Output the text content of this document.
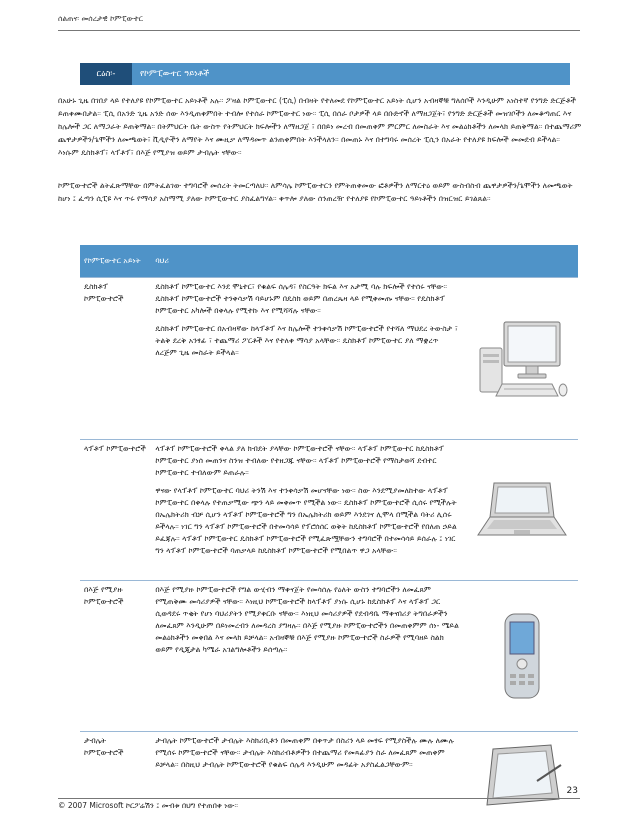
ሰልጠና፡ መሰረታዊ ኮምፒውተር
ርዕስ፡-	የኮምፒውተር ዓይነቶች

በአሁኑ ጊዜ በገበያ ላይ የተለያዩ የኮምፒውተር አይነቶች አሉ። ፖዛል ኮምፒውተር (ፒሲ) በብዛት የተለመደ የኮምፒውተር አይነት ሲሆን አብዛኞቹ ግለሰቦች እንዲሁም አነስተኛ የንግድ ድርጅቶች ይጠቀሙበታል። ፒሲ በአንድ ጊዜ አንድ ሰው እንዲጠቀምበት ተብሎ የተሰራ ኮምፒውተር ነው። ፒሲ በሰራ ቦታዎች ላይ በቡድኖች ለማዘጋጀት፣ የንግድ ድርጅቶች መዝገቦችን ለመቆጣጠር እና ከሌሎች ጋር ለማጋራት ይጠቅማል። በትምህርት ቤት ውስጥ የትምህርት ክፍሎችን ለማዘጋጀ ፣ በበይነ መረብ በመጠቀም ምርምር ለመስራት እና መልዕክቶችን ለመላክ ይጠቅማል። በተጨማሪም ጨዋታዎችን/ጌሞችን ለመጫወት፣ ቪዲዮችን ለማየት እና ሙዚቃ ለማዳመጥ ልንጠቀምበት እንችላለን። በመጠኑ እና በተግባሩ መሰረት ፒሲን በአራት የተለያዩ ክፍሎች መመደብ ይችላል። እነሱም ዴስክቶፕ፣ ላፕቶፕ፣ በእጅ የሚያዝ ወይም ታብሌት ናቸው።

ኮምፒውተሮች ልትፈጽማቸው በምትፈልገው ተግባሮች መሰረት ትመርጣለህ። ለምሳሌ ኮምፒውተርን የምትጠቀመው ፎቶዎችን ለማርተዕ ወይም ውስብስብ ጨዋታዎችን/ጌሞችን ለመጫወት ከሆነ ፤ ፈጣን ሲፒዩ እና ጥሩ የማሳያ አስማሚ ያለው ኮምፒውተር ያስፈልግሃል። ቀጥሎ ያለው ሰንጠረዥ የተለያዩ የኮምፒውተር ዓይነቶችን በዝርዝር ይገልጸል።

የኮምፒውተር አይነት	ባህሪ	
ዴስክቶፕ ኮምፒውተሮች	ዴስክቶፕ ኮምፒውተር እንደ ሞኒተር፣ የቁልፍ ሰሌዳ፣ የስርዓት ክፍል እና አታሚ ባሉ ክፍሎች የተሰሩ ናቸው። ዴስክቶፕ ኮምፒውተሮች ተንቀሳቃሽ ባይሆኑም በዴስክ ወይም በጠረጴዛ ላይ የሚቀመጡ ናቸው። የዴስክቶፕ ኮምፒውተር አካሎች በቀላሉ የሚተኩ እና የሚሻሻሉ ናቸው።

ዴስክቶፕ ኮምፒውተር በአብዛኛው ከላፕቶፕ እና ከሌሎች ተንቀሳቃሽ ኮምፒውተሮች የተሻለ ማህደረ ትውስታ ፣ ትልቅ ደረቅ አንፃፊ ፣ ተጨማሪ ፖርቶች እና የተለቀ ማሳያ አላቸው። ዴስክቶፕ ኮምፒውተር ያለ ማቋረጥ ለረጅም ጊዜ መስራት ይችላል።

ላፕቶፕ ኮምፒውተሮች	ላፕቶፕ ኮምፒውተሮች ቀላል ያለ ክብደት ያላቸው ኮምፒውተሮች ናቸው። ላፕቶፕ ኮምፒውተር ከዴስክቶፕ ኮምፒውተር ያነሰ መጠንና ስንዝ ተብለው የተዘጋጁ ናቸው። ላፕቶፕ ኮምፒውተሮች የማስታወሻ ደብተር ኮምፒውተር ተብለውም ይጠራሉ።

ዋናው የላፕቶፕ ኮምፒውተር ባህሪ ትንሽ እና ተንቀሳቃሽ መሆናቸው ነው። ስው እንደሚያመለከተው ላፕቶፕ ኮምፒውተር በቀላሉ የተጠቃሚው ጭን ላይ መቀመጥ የሚችል ነው። ዴስክቶፕ ኮምፒውተሮች ሲሰሩ የሚችሉት በኤሌክትሪክ ብቻ ሲሆን ላፕቶፕ ኮምፒውተሮች ግን በኤሌክትሪክ ወይም እንደገና ሊሞላ በሚችል ባትሪ ሊሰሩ ይችላሉ። ነገር ግን ላፕቶፕ ኮምፒውተሮች በተመሳሳይ የፕሮሰሰር ወቅት ከዴስክቶፕ ኮምፒውተሮች የበለጠ ኃይል ይፈጃሉ። ላፕቶፕ ኮምፒውተር ዴስክቶፕ ኮምፒውተሮች የሚፈጽሟቸውን ተግባሮች በተመሳሳይ ይሰራሉ ፤ ነገር ግን ላፕቶፕ ኮምፒውተሮች ባጠቃላይ ከዴስክቶፕ ኮምፒውተሮች የሚበልጥ ዋጋ አላቸው።

በእጅ የሚያዙ ኮምፒውተሮች	በእጅ የሚያዙ ኮምፒውተሮች የግል ውሂብን ማቀናጀት የመሳሰሉ የዕለት ውስን ተግባሮችን ለመፈጸም የሚጠቅሙ መሳሪያዎች ናቸው። እነዚህ ኮምፒውተሮች ከላፕቶፕ ያነሱ ሲሆኑ ከዴስክቶፕ እና ላፕቶፕ ጋር ሲወዳደሩ ጥቂት የሆነ ባህሪያትን የሚያቀርቡ ናቸው። እነዚህ መሳሪያዎች የደብዳቤ ማቀናበሪያ ትግበራዎችን ለመፈጸም እንዲሁም በይነመረብን ለመዳረስ ያግዛሉ። በእጅ የሚያዙ ኮምፒውተሮችን በመጠቀምም ሰነ- ሜይል መልዕክቶችን መቀበል እና መላክ ይቻላል። አብዛኞቹ በእጅ የሚያዙ ኮምፒውተሮች ስራዎች የሚባዘይ ስልክ ወይም የዲጂታል ካሜራ አገልግሎቶችን ይሰጣሉ።

ታብሌት ኮምፒውተሮች	ታብሌት ኮምፒውተሮች ታብሌት እስክሪቢቶን በመጠቀም በቀጥታ በስሪን ላይ መፃፍ የሚያስችሉ ሙሉ ለሙሉ የሚሰሩ ኮምፒውተሮች ናቸው። ታብሌት እስክሪብቶዎችን በተጨማሪ የመጻፊያን ስራ ለመፈጸም መጠቀም ይቻላል። በስዚህ ታብሌት ኮምፒውተሮች የቁልፍ ሰሌዳ እንዲሁም መዳፊት አያስፈልጋቸውም።

23
© 2007 Microsoft ኮርፖሬሽን ፤ መብቱ በህግ የተጠበቀ ነው።
